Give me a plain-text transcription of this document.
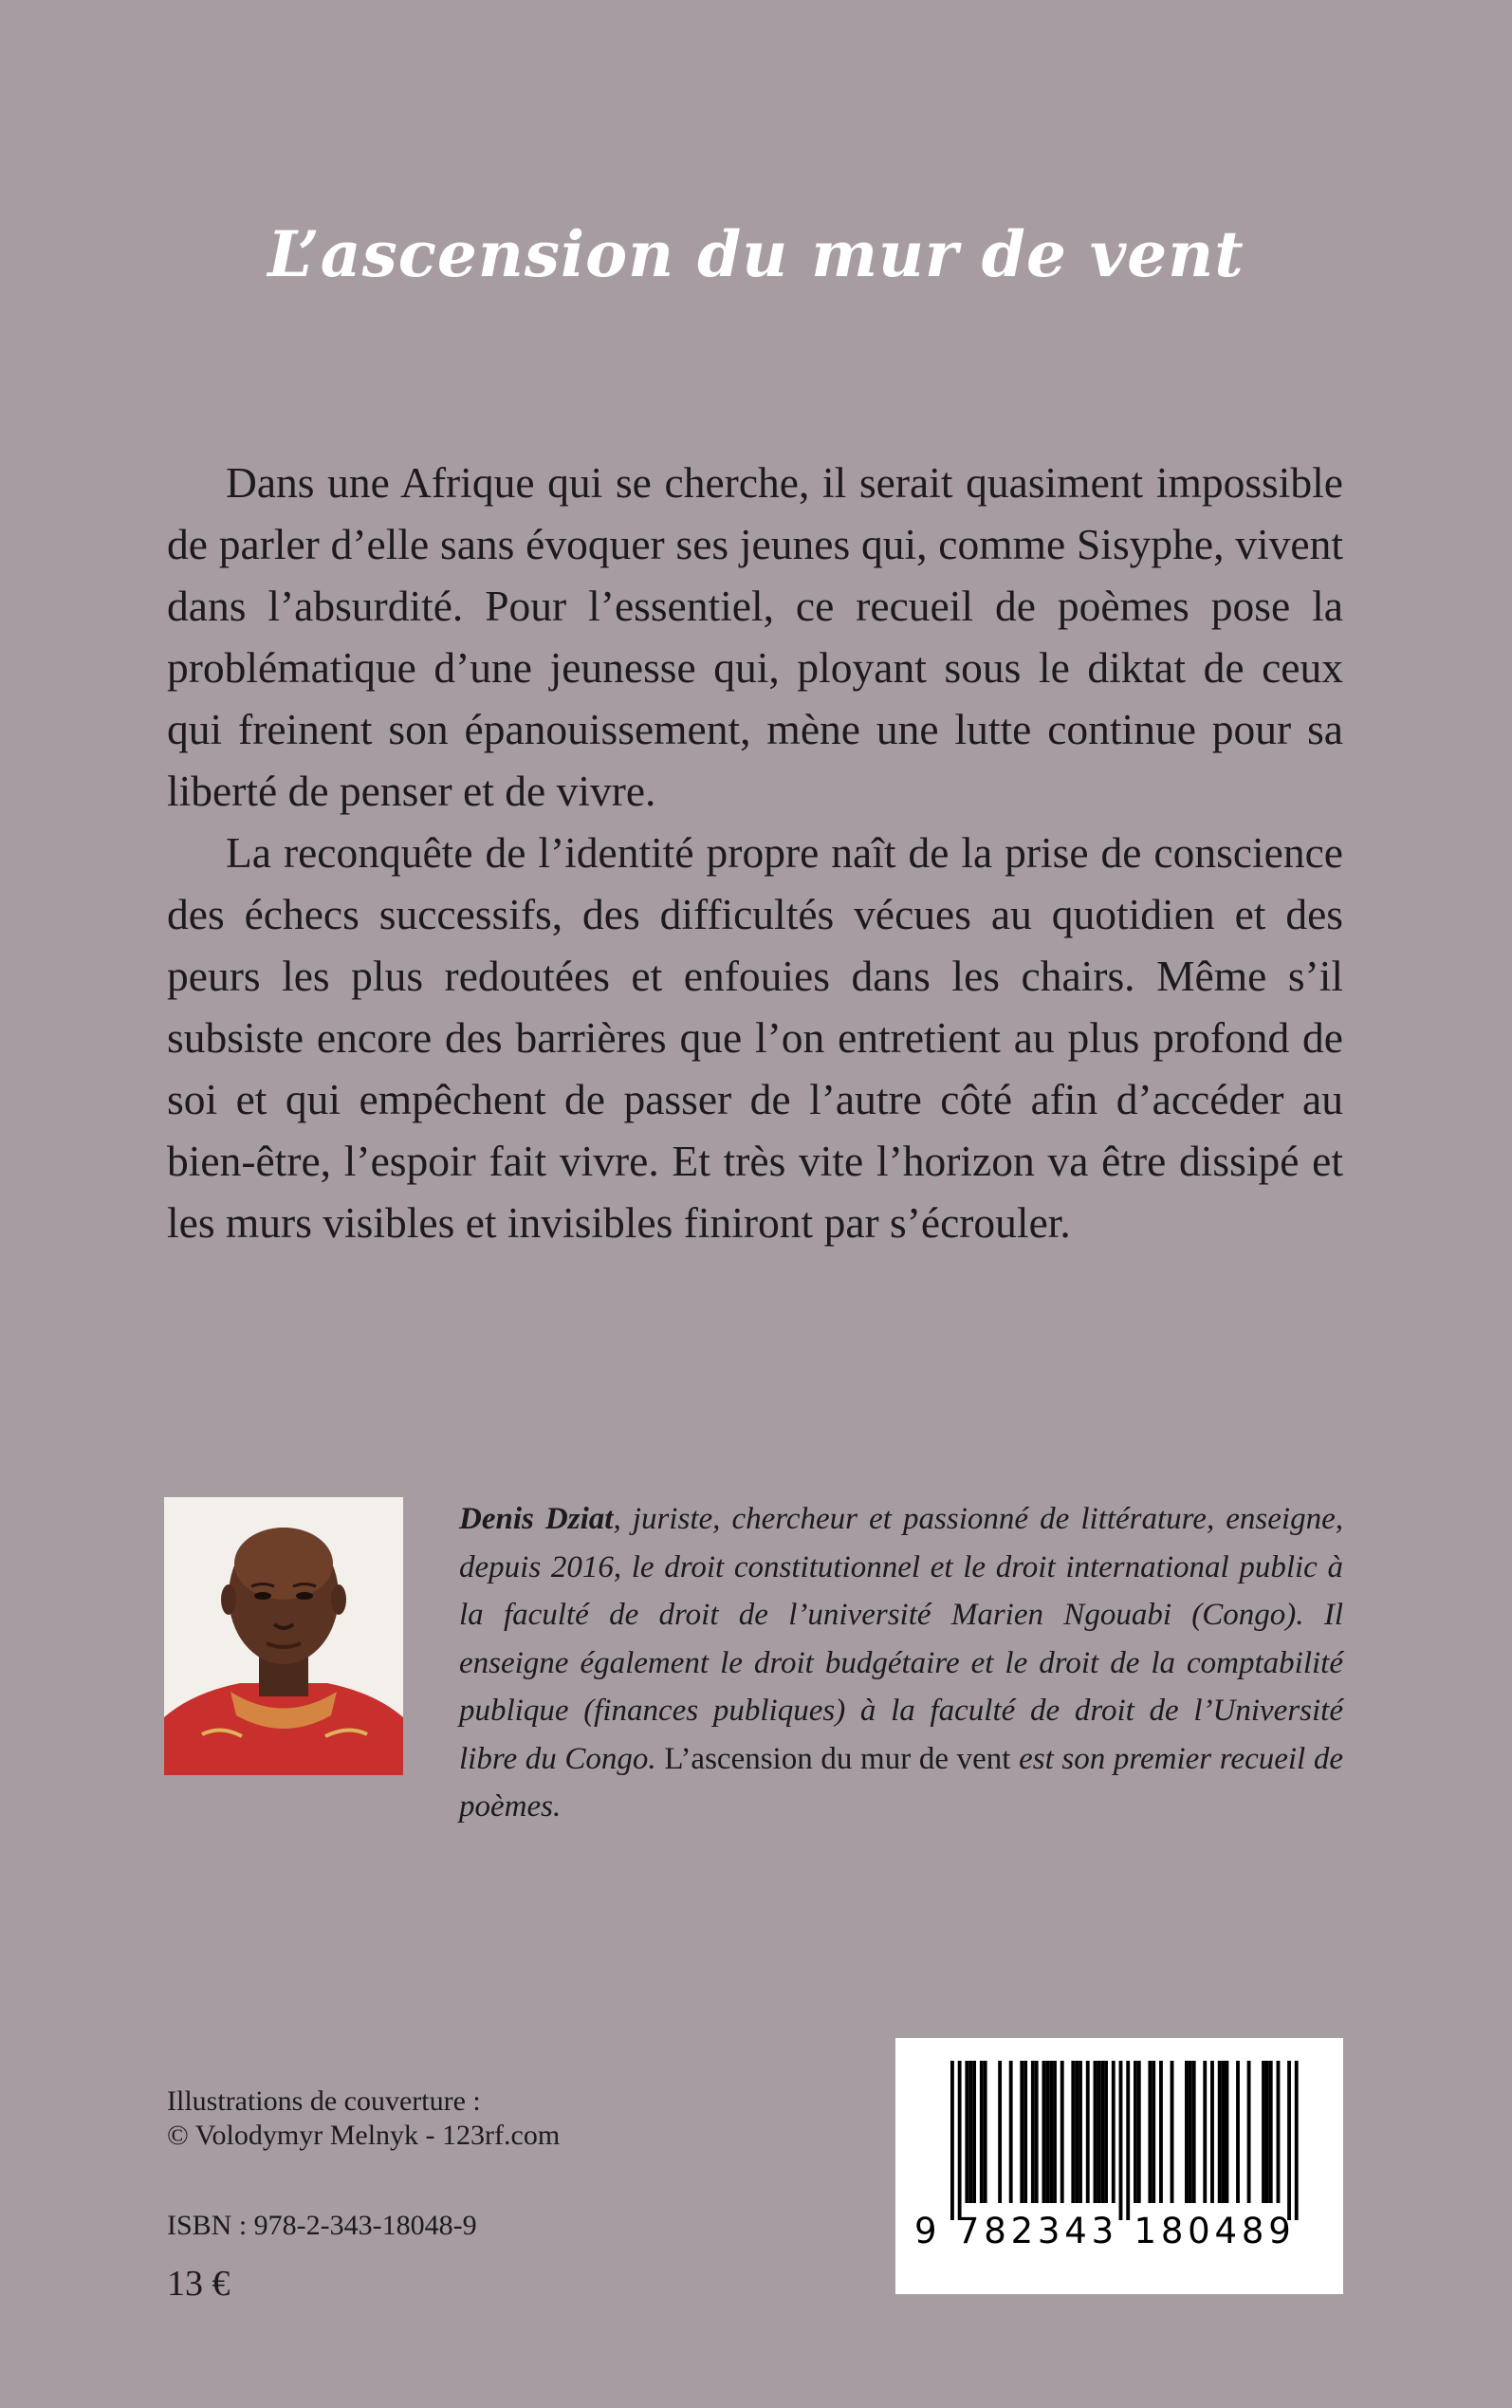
L’ascension du mur de vent

Dans une Afrique qui se cherche, il serait quasiment impossible de parler d’elle sans évoquer ses jeunes qui, comme Sisyphe, vivent dans l’absurdité. Pour l’essentiel, ce recueil de poèmes pose la problématique d’une jeunesse qui, ployant sous le diktat de ceux qui freinent son épanouissement, mène une lutte continue pour sa liberté de penser et de vivre.

La reconquête de l’identité propre naît de la prise de conscience des échecs successifs, des difficultés vécues au quotidien et des peurs les plus redoutées et enfouies dans les chairs. Même s’il subsiste encore des barrières que l’on entretient au plus profond de soi et qui empêchent de passer de l’autre côté afin d’accéder au bien-être, l’espoir fait vivre. Et très vite l’horizon va être dissipé et les murs visibles et invisibles finiront par s’écrouler.

Denis Dziat, juriste, chercheur et passionné de littérature, enseigne, depuis 2016, le droit constitutionnel et le droit international public à la faculté de droit de l’université Marien Ngouabi (Congo). Il enseigne également le droit budgétaire et le droit de la comptabilité publique (finances publiques) à la faculté de droit de l’Université libre du Congo. L’ascension du mur de vent est son premier recueil de poèmes.

Illustrations de couverture :
© Volodymyr Melnyk - 123rf.com
ISBN : 978-2-343-18048-9
13 €
9 782343 180489
